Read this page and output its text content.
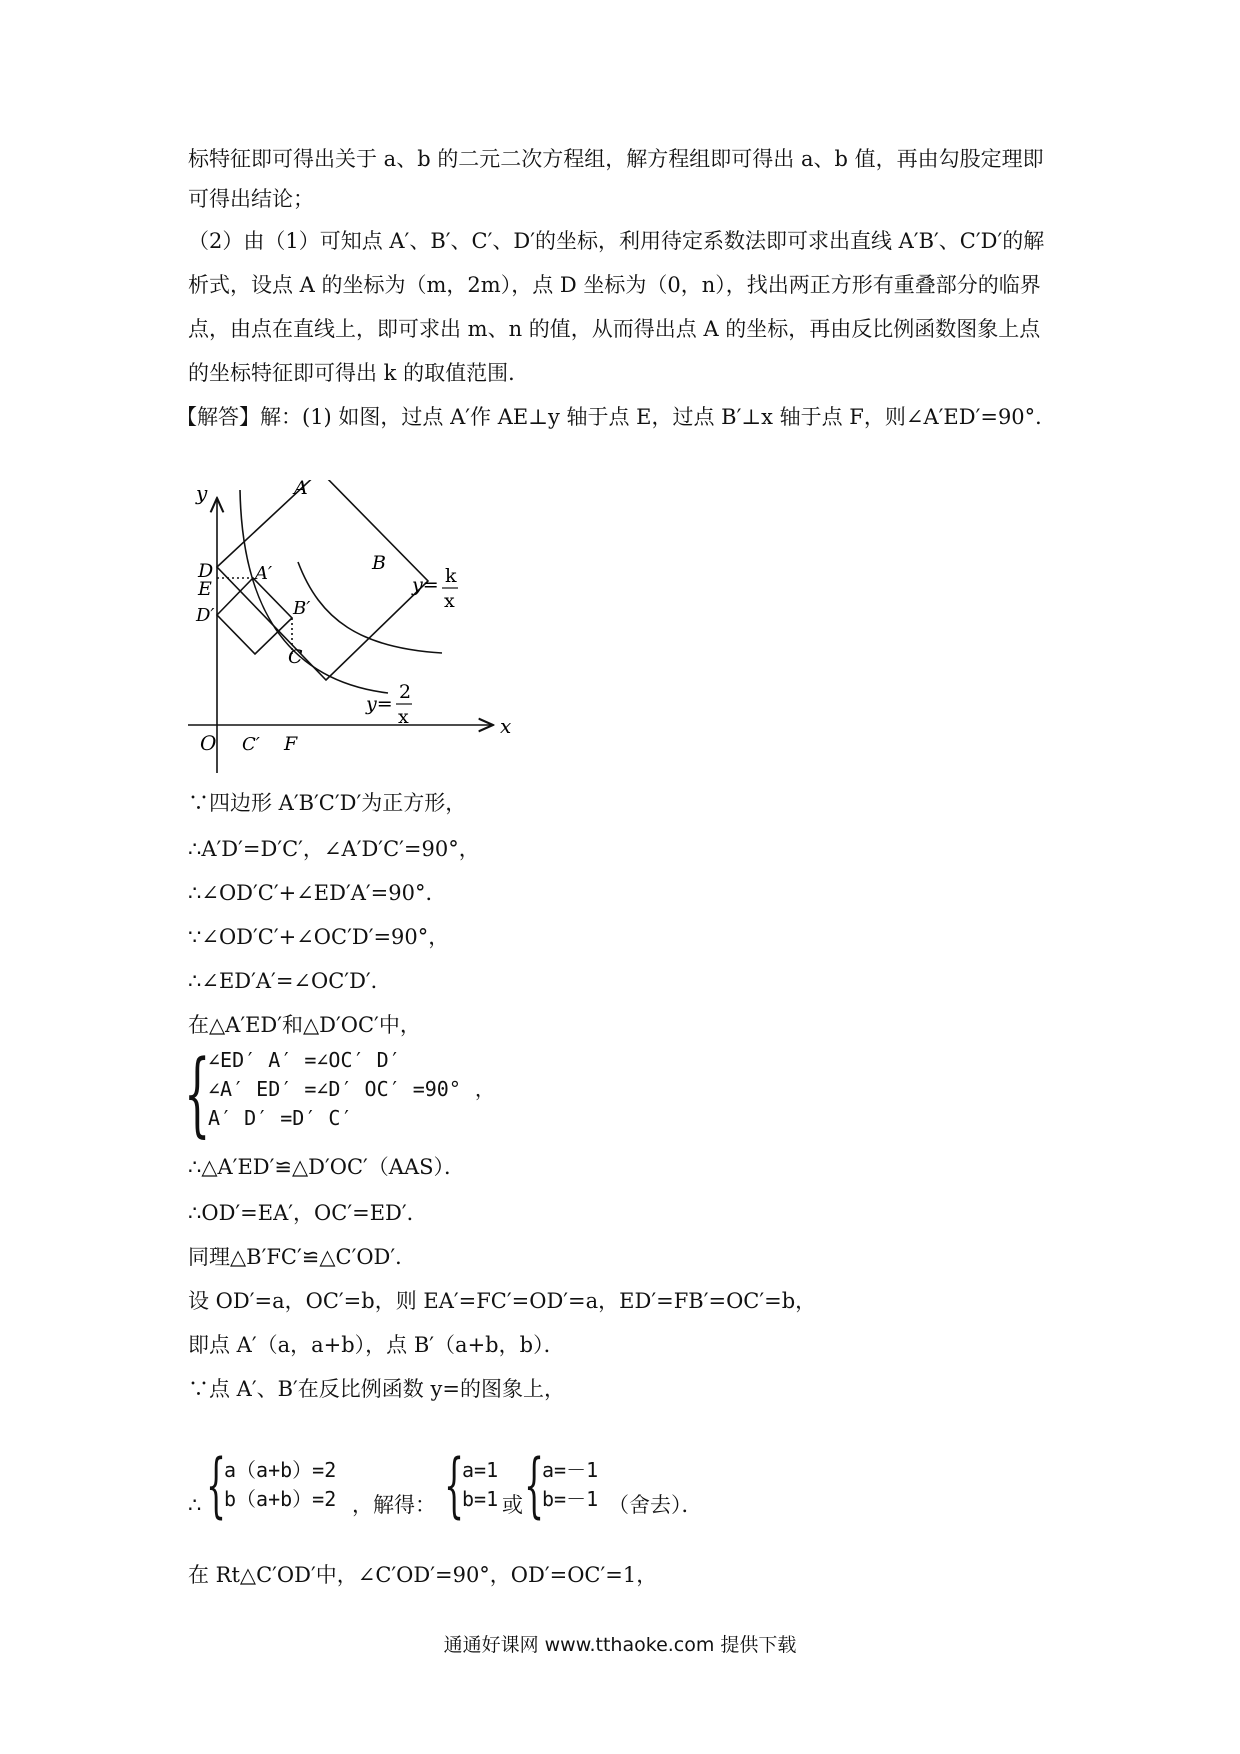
标特征即可得出关于 a、b 的二元二次方程组，解方程组即可得出 a、b 值，再由勾股定理即
可得出结论；
（2）由（1）可知点 A′、B′、C′、D′的坐标，利用待定系数法即可求出直线 A′B′、C′D′的解
析式，设点 A 的坐标为（m，2m），点 D 坐标为（0，n），找出两正方形有重叠部分的临界
点，由点在直线上，即可求出 m、n 的值，从而得出点 A 的坐标，再由反比例函数图象上点
的坐标特征即可得出 k 的取值范围．
【解答】解：(1) 如图，过点 A′作 AE⊥y 轴于点 E，过点 B′⊥x 轴于点 F，则∠A′ED′=90°．
y
x
O
A
B
C
D
E
F
A′
B′
C′
D′
y= k
x
y=
2
x
∵四边形 A′B′C′D′为正方形，
∴A′D′=D′C′，∠A′D′C′=90°，
∴∠OD′C′+∠ED′A′=90°．
∵∠OD′C′+∠OC′D′=90°，
∴∠ED′A′=∠OC′D′．
在△A′ED′和△D′OC′中，
{
∠ED′ A′ =∠OC′ D′
∠A′ ED′ =∠D′ OC′ =90° ，
A′ D′ =D′ C′
∴△A′ED′≌△D′OC′（AAS）．
∴OD′=EA′，OC′=ED′．
同理△B′FC′≌△C′OD′．
设 OD′=a，OC′=b，则 EA′=FC′=OD′=a，ED′=FB′=OC′=b，
即点 A′（a，a+b），点 B′（a+b，b）．
∵点 A′、B′在反比例函数 y=的图象上，
∴ {
a（a+b）=2
b（a+b）=2 ，解得： {
a=1
b=1 或 {
a=－1
b=－1 （舍去）．
在 Rt△C′OD′中，∠C′OD′=90°，OD′=OC′=1，
通通好课网 www.tthaoke.com 提供下载
